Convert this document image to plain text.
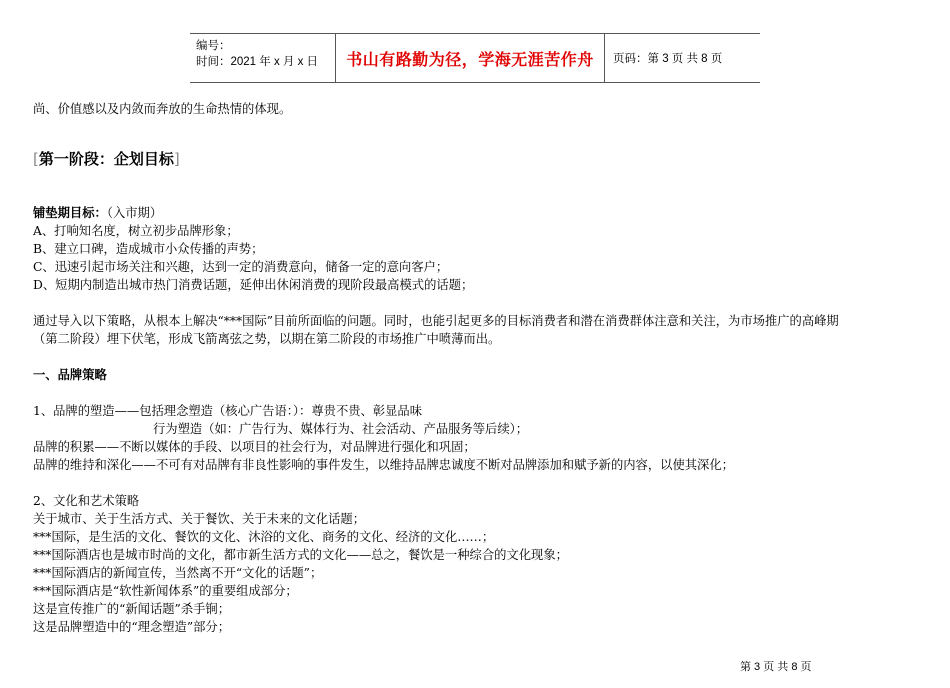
编号：
时间：2021 年 x 月 x 日	书山有路勤为径，学海无涯苦作舟 页码：第 3 页 共 8 页
尚、价值感以及内敛而奔放的生命热情的体现。
[第一阶段：企划目标]
铺垫期目标：（入市期）
A、打响知名度，树立初步品牌形象；
B、建立口碑，造成城市小众传播的声势；
C、迅速引起市场关注和兴趣，达到一定的消费意向，储备一定的意向客户；
D、短期内制造出城市热门消费话题，延伸出休闲消费的现阶段最高模式的话题；
通过导入以下策略，从根本上解决“***国际”目前所面临的问题。同时，也能引起更多的目标消费者和潜在消费群体注意和关注，为市场推广的高峰期
（第二阶段）埋下伏笔，形成飞箭离弦之势，以期在第二阶段的市场推广中喷薄而出。
一、品牌策略
1、品牌的塑造——包括理念塑造（核心广告语：）：尊贵不贵、彰显品味
行为塑造（如：广告行为、媒体行为、社会活动、产品服务等后续）；
品牌的积累——不断以媒体的手段、以项目的社会行为，对品牌进行强化和巩固；
品牌的维持和深化——不可有对品牌有非良性影响的事件发生，以维持品牌忠诚度不断对品牌添加和赋予新的内容，以使其深化；
2、文化和艺术策略
关于城市、关于生活方式、关于餐饮、关于未来的文化话题；
***国际，是生活的文化、餐饮的文化、沐浴的文化、商务的文化、经济的文化……；
***国际酒店也是城市时尚的文化，都市新生活方式的文化——总之，餐饮是一种综合的文化现象；
***国际酒店的新闻宣传，当然离不开“文化的话题”；
***国际酒店是“软性新闻体系”的重要组成部分；
这是宣传推广的“新闻话题”杀手锏；
这是品牌塑造中的“理念塑造”部分；
第 3 页 共 8 页
